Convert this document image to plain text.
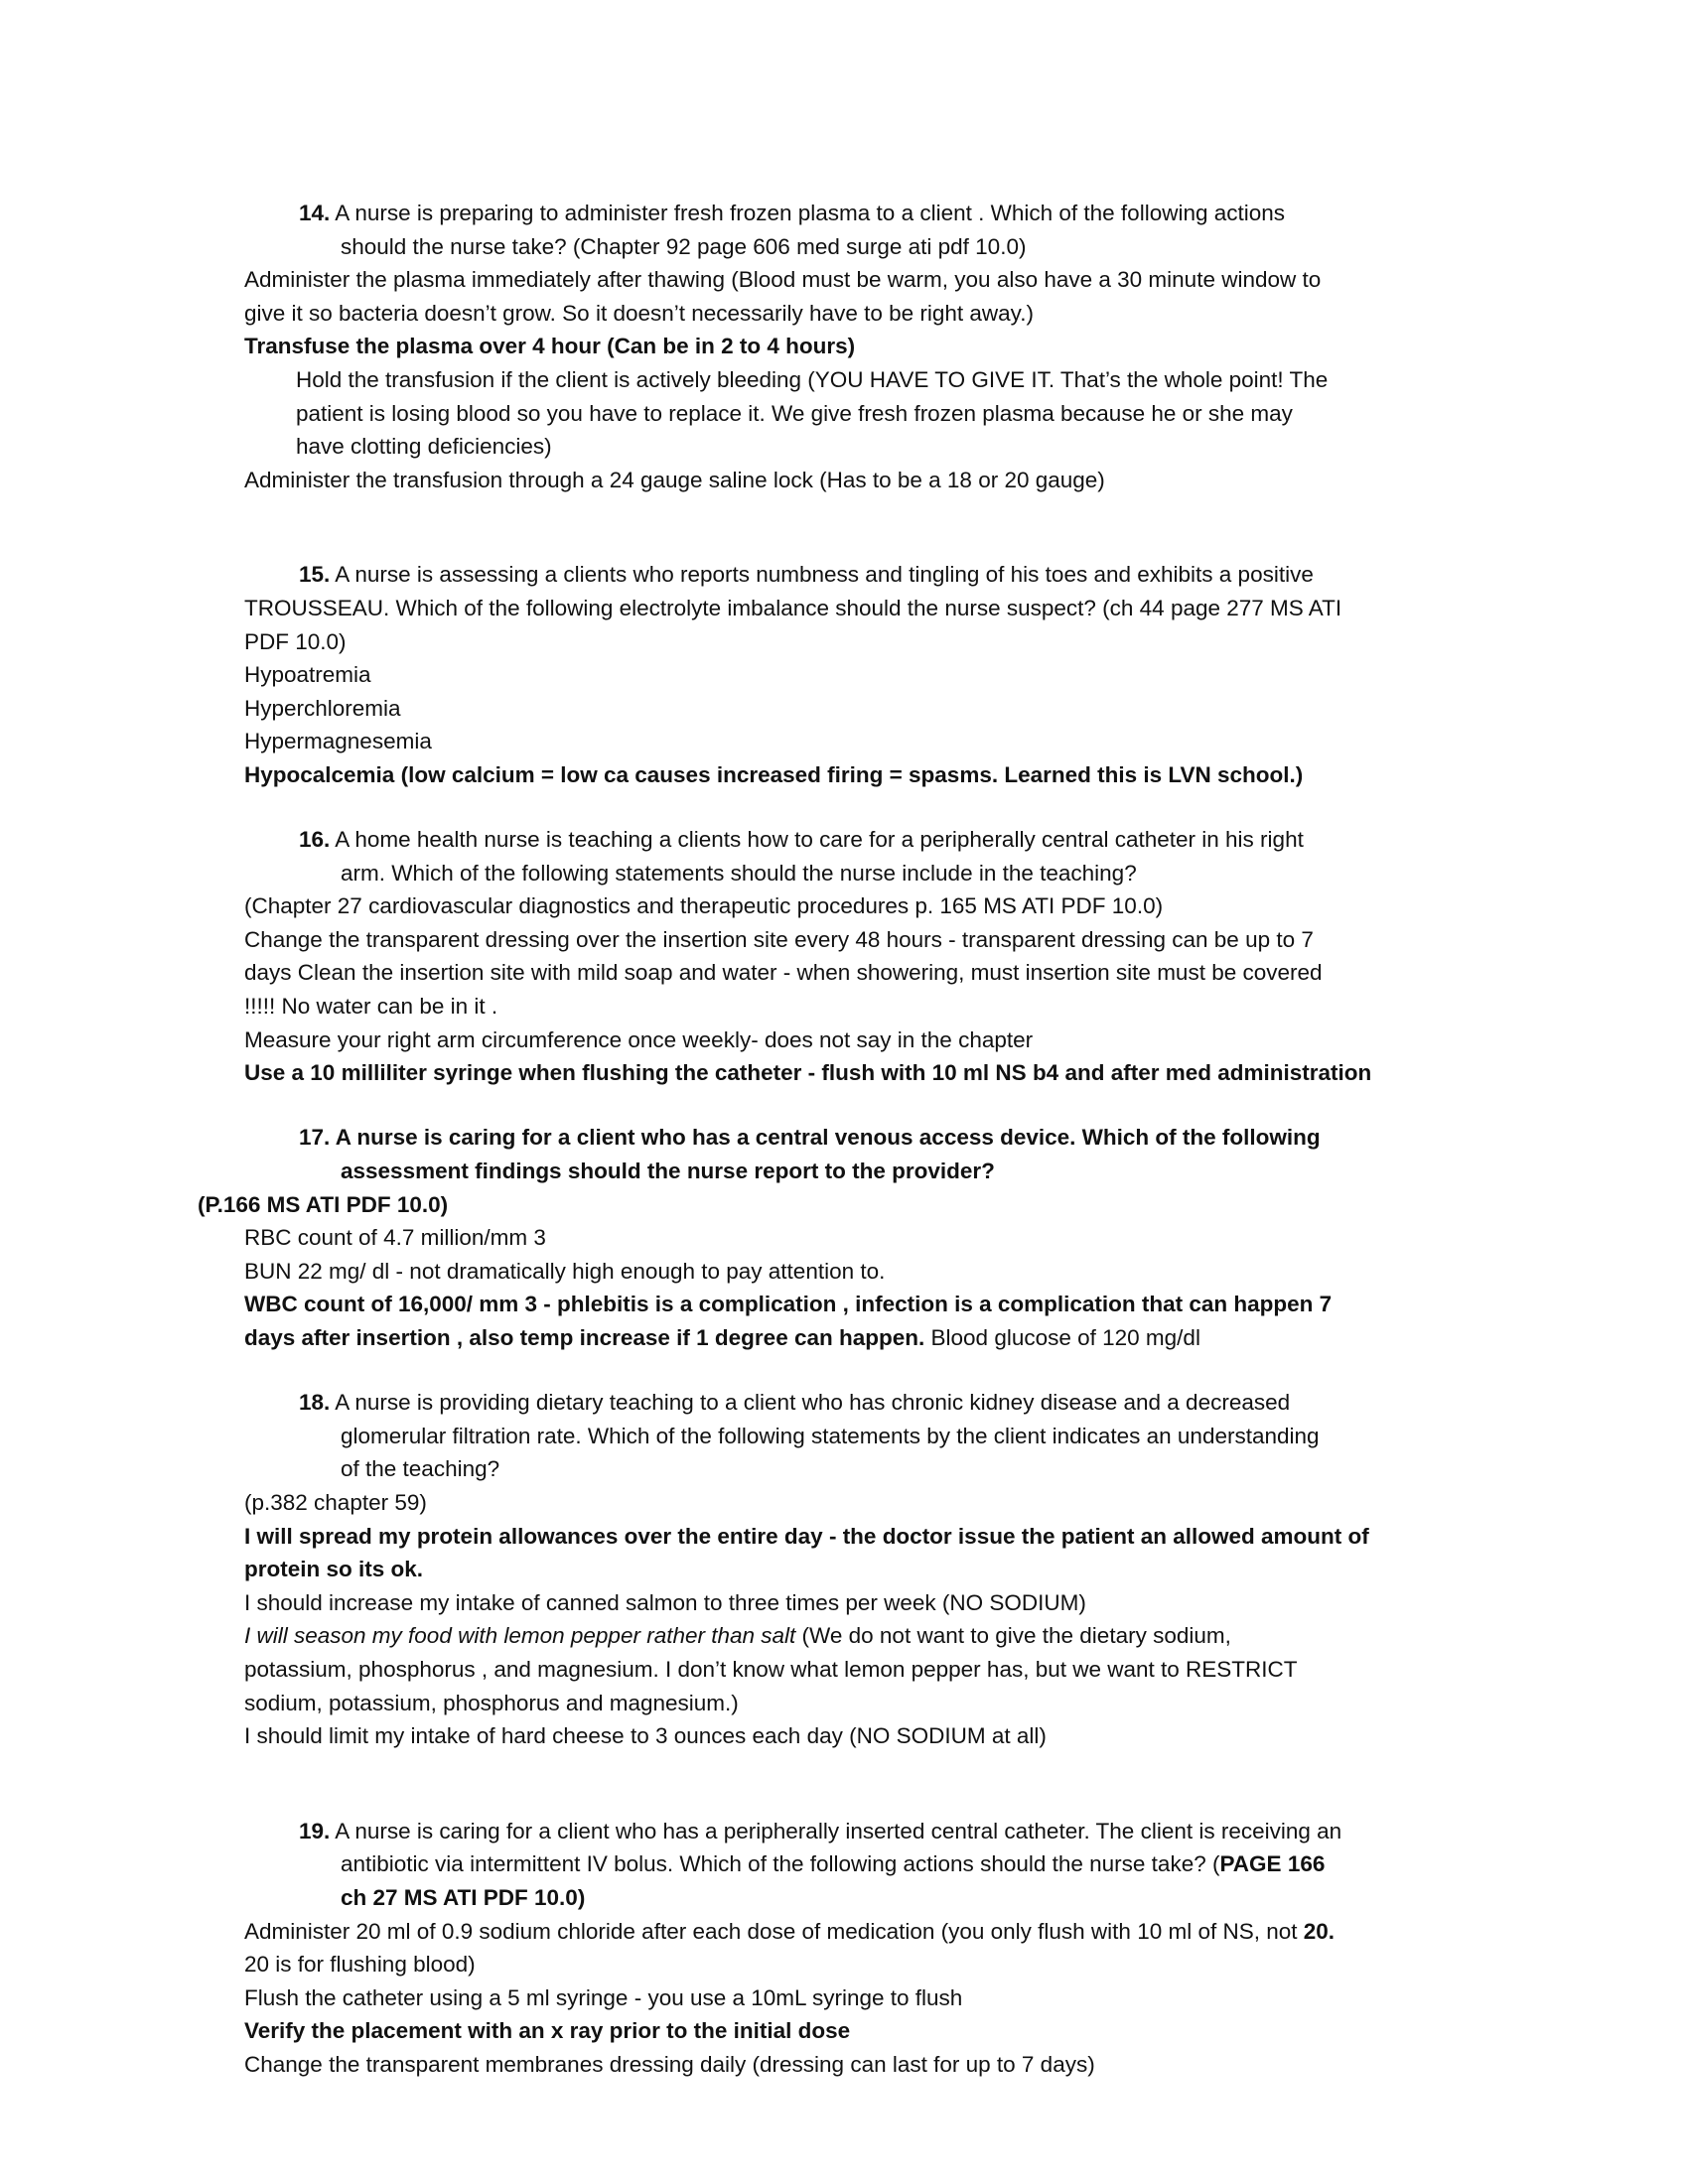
14. A nurse is preparing to administer fresh frozen plasma to a client . Which of the following actions
should the nurse take? (Chapter 92 page 606 med surge ati pdf 10.0)
Administer the plasma immediately after thawing (Blood must be warm, you also have a 30 minute window to
give it so bacteria doesn’t grow. So it doesn’t necessarily have to be right away.)
Transfuse the plasma over 4 hour (Can be in 2 to 4 hours)
Hold the transfusion if the client is actively bleeding (YOU HAVE TO GIVE IT. That’s the whole point! The
patient is losing blood so you have to replace it. We give fresh frozen plasma because he or she may
have clotting deficiencies)
Administer the transfusion through a 24 gauge saline lock (Has to be a 18 or 20 gauge)
15. A nurse is assessing a clients who reports numbness and tingling of his toes and exhibits a positive
TROUSSEAU. Which of the following electrolyte imbalance should the nurse suspect? (ch 44 page 277 MS ATI
PDF 10.0)
Hypoatremia
Hyperchloremia
Hypermagnesemia
Hypocalcemia (low calcium = low ca causes increased firing = spasms. Learned this is LVN school.)
16. A home health nurse is teaching a clients how to care for a peripherally central catheter in his right
arm. Which of the following statements should the nurse include in the teaching?
(Chapter 27 cardiovascular diagnostics and therapeutic procedures p. 165 MS ATI PDF 10.0)
Change the transparent dressing over the insertion site every 48 hours - transparent dressing can be up to 7
days Clean the insertion site with mild soap and water - when showering, must insertion site must be covered
!!!!! No water can be in it .
Measure your right arm circumference once weekly- does not say in the chapter
Use a 10 milliliter syringe when flushing the catheter - flush with 10 ml NS b4 and after med administration
17. A nurse is caring for a client who has a central venous access device. Which of the following
assessment findings should the nurse report to the provider?
(P.166 MS ATI PDF 10.0)
RBC count of 4.7 million/mm 3
BUN 22 mg/ dl - not dramatically high enough to pay attention to.
WBC count of 16,000/ mm 3 - phlebitis is a complication , infection is a complication that can happen 7
days after insertion , also temp increase if 1 degree can happen. Blood glucose of 120 mg/dl
18. A nurse is providing dietary teaching to a client who has chronic kidney disease and a decreased
glomerular filtration rate. Which of the following statements by the client indicates an understanding
of the teaching?
(p.382 chapter 59)
I will spread my protein allowances over the entire day - the doctor issue the patient an allowed amount of
protein so its ok.
I should increase my intake of canned salmon to three times per week (NO SODIUM)
I will season my food with lemon pepper rather than salt (We do not want to give the dietary sodium,
potassium, phosphorus , and magnesium. I don’t know what lemon pepper has, but we want to RESTRICT
sodium, potassium, phosphorus and magnesium.)
I should limit my intake of hard cheese to 3 ounces each day (NO SODIUM at all)
19. A nurse is caring for a client who has a peripherally inserted central catheter. The client is receiving an
antibiotic via intermittent IV bolus. Which of the following actions should the nurse take? (PAGE 166
ch 27 MS ATI PDF 10.0)
Administer 20 ml of 0.9 sodium chloride after each dose of medication (you only flush with 10 ml of NS, not 20.
20 is for flushing blood)
Flush the catheter using a 5 ml syringe - you use a 10mL syringe to flush
Verify the placement with an x ray prior to the initial dose
Change the transparent membranes dressing daily (dressing can last for up to 7 days)
